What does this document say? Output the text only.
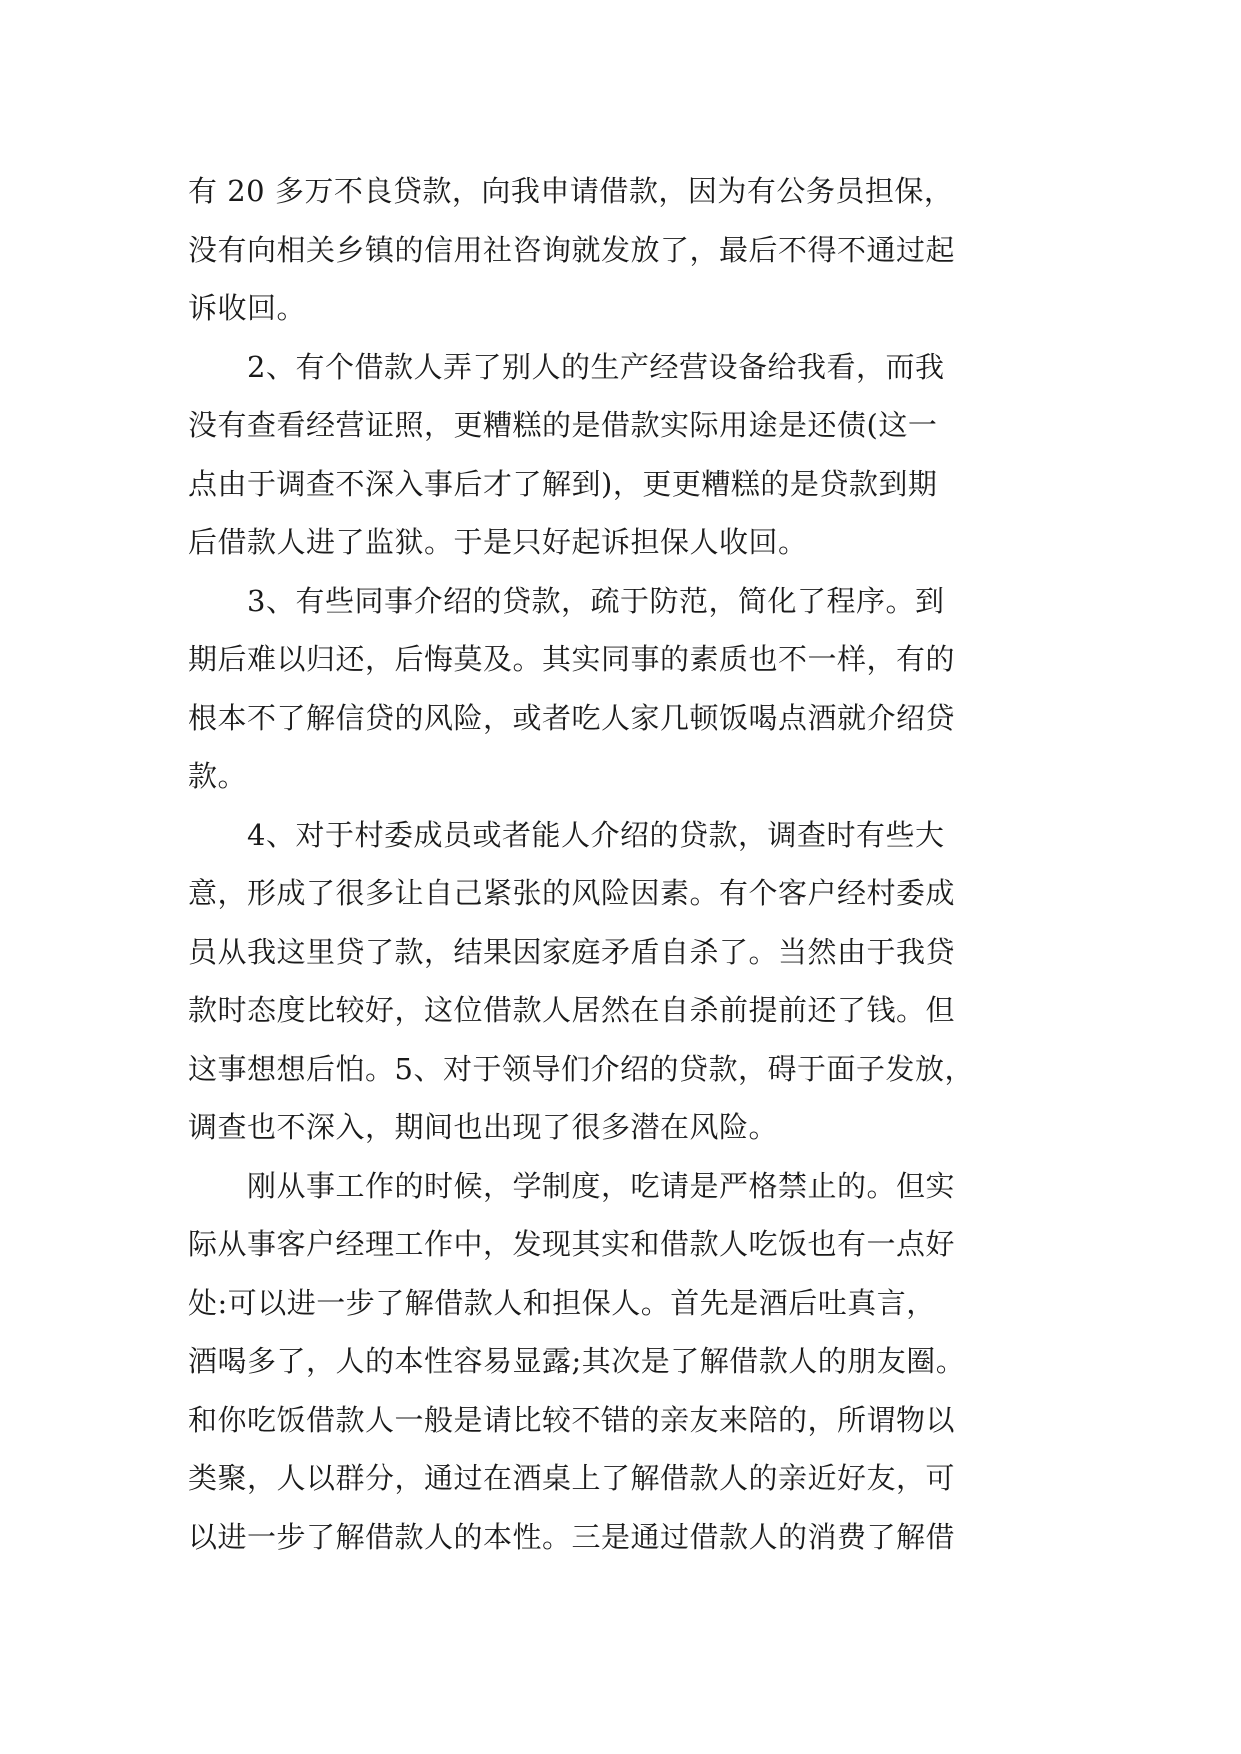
有 20 多万不良贷款，向我申请借款，因为有公务员担保，
没有向相关乡镇的信用社咨询就发放了，最后不得不通过起
诉收回。
　　2、有个借款人弄了别人的生产经营设备给我看，而我
没有查看经营证照，更糟糕的是借款实际用途是还债(这一
点由于调查不深入事后才了解到)，更更糟糕的是贷款到期
后借款人进了监狱。于是只好起诉担保人收回。
　　3、有些同事介绍的贷款，疏于防范，简化了程序。到
期后难以归还，后悔莫及。其实同事的素质也不一样，有的
根本不了解信贷的风险，或者吃人家几顿饭喝点酒就介绍贷
款。
　　4、对于村委成员或者能人介绍的贷款，调查时有些大
意，形成了很多让自己紧张的风险因素。有个客户经村委成
员从我这里贷了款，结果因家庭矛盾自杀了。当然由于我贷
款时态度比较好，这位借款人居然在自杀前提前还了钱。但
这事想想后怕。5、对于领导们介绍的贷款，碍于面子发放，
调查也不深入，期间也出现了很多潜在风险。
　　刚从事工作的时候，学制度，吃请是严格禁止的。但实
际从事客户经理工作中，发现其实和借款人吃饭也有一点好
处:可以进一步了解借款人和担保人。首先是酒后吐真言，
酒喝多了，人的本性容易显露;其次是了解借款人的朋友圈。
和你吃饭借款人一般是请比较不错的亲友来陪的，所谓物以
类聚，人以群分，通过在酒桌上了解借款人的亲近好友，可
以进一步了解借款人的本性。三是通过借款人的消费了解借
